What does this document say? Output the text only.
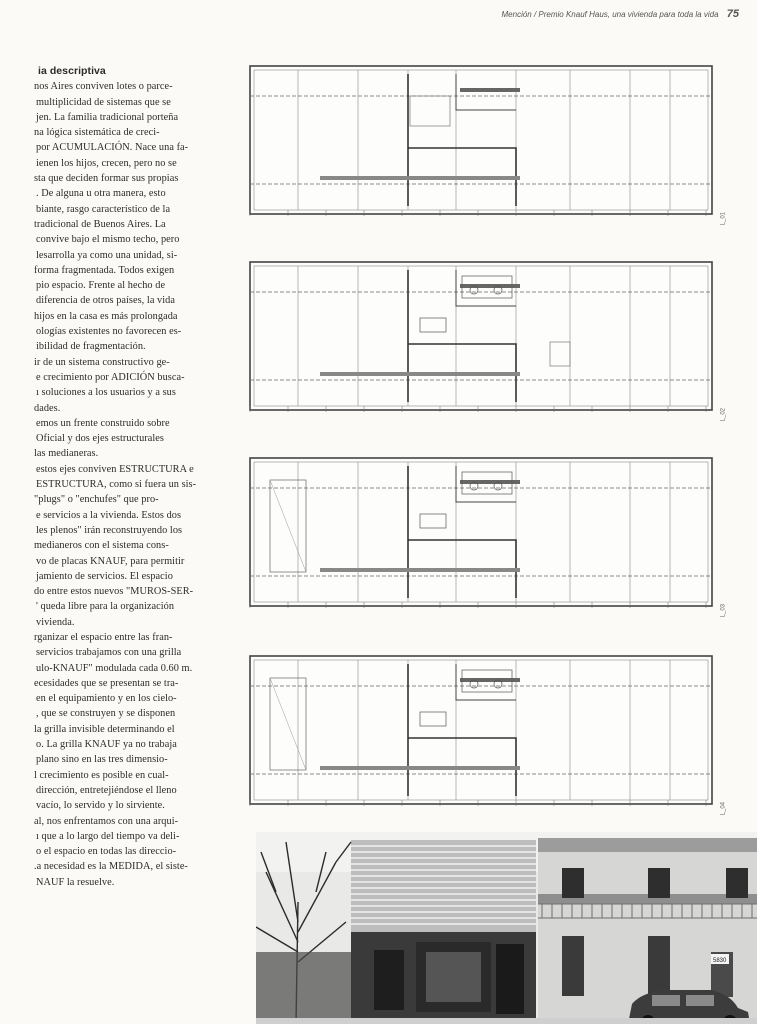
Mención / Premio Knauf Haus, una vivienda para toda la vida 75
ia descriptiva
nos Aires conviven lotes o parce-
multiplicidad de sistemas que se
jen. La familia tradicional porteña
na lógica sistemática de creci-
por ACUMULACIÓN. Nace una fa-
ienen los hijos, crecen, pero no se
sta que deciden formar sus propias
. De alguna u otra manera, esto
biante, rasgo característico de la
tradicional de Buenos Aires. La
convive bajo el mismo techo, pero
lesarrolla ya como una unidad, si-
forma fragmentada. Todos exigen
pio espacio. Frente al hecho de
diferencia de otros países, la vida
hijos en la casa es más prolongada
ologías existentes no favorecen es-
ibilidad de fragmentación.
ir de un sistema constructivo ge-
e crecimiento por ADICIÓN busca-
ı soluciones a los usuarios y a sus
dades.
emos un frente construido sobre
Oficial y dos ejes estructurales
las medianeras.
estos ejes conviven ESTRUCTURA e
ESTRUCTURA, como si fuera un sis-
"plugs" o "enchufes" que pro-
e servicios a la vivienda. Estos dos
les plenos" irán reconstruyendo los
medianeros con el sistema cons-
vo de placas KNAUF, para permitir
jamiento de servicios. El espacio
do entre estos nuevos "MUROS-SER-
' queda libre para la organización
vivienda.
rganizar el espacio entre las fran-
servicios trabajamos con una grilla
ulo-KNAUF" modulada cada 0.60 m.
ecesidades que se presentan se tra-
en el equipamiento y en los cielo-
, que se construyen y se disponen
la grilla invisible determinando el
o. La grilla KNAUF ya no trabaja
plano sino en las tres dimensio-
l crecimiento es posible en cual-
dirección, entretejiéndose el lleno
vacío, lo servido y lo sirviente.
al, nos enfrentamos con una arqui-
ı que a lo largo del tiempo va deli-
o el espacio en todas las direccio-
.a necesidad es la MEDIDA, el siste-
NAUF la resuelve.
L_01
L_02
L_03
L_04
5830
